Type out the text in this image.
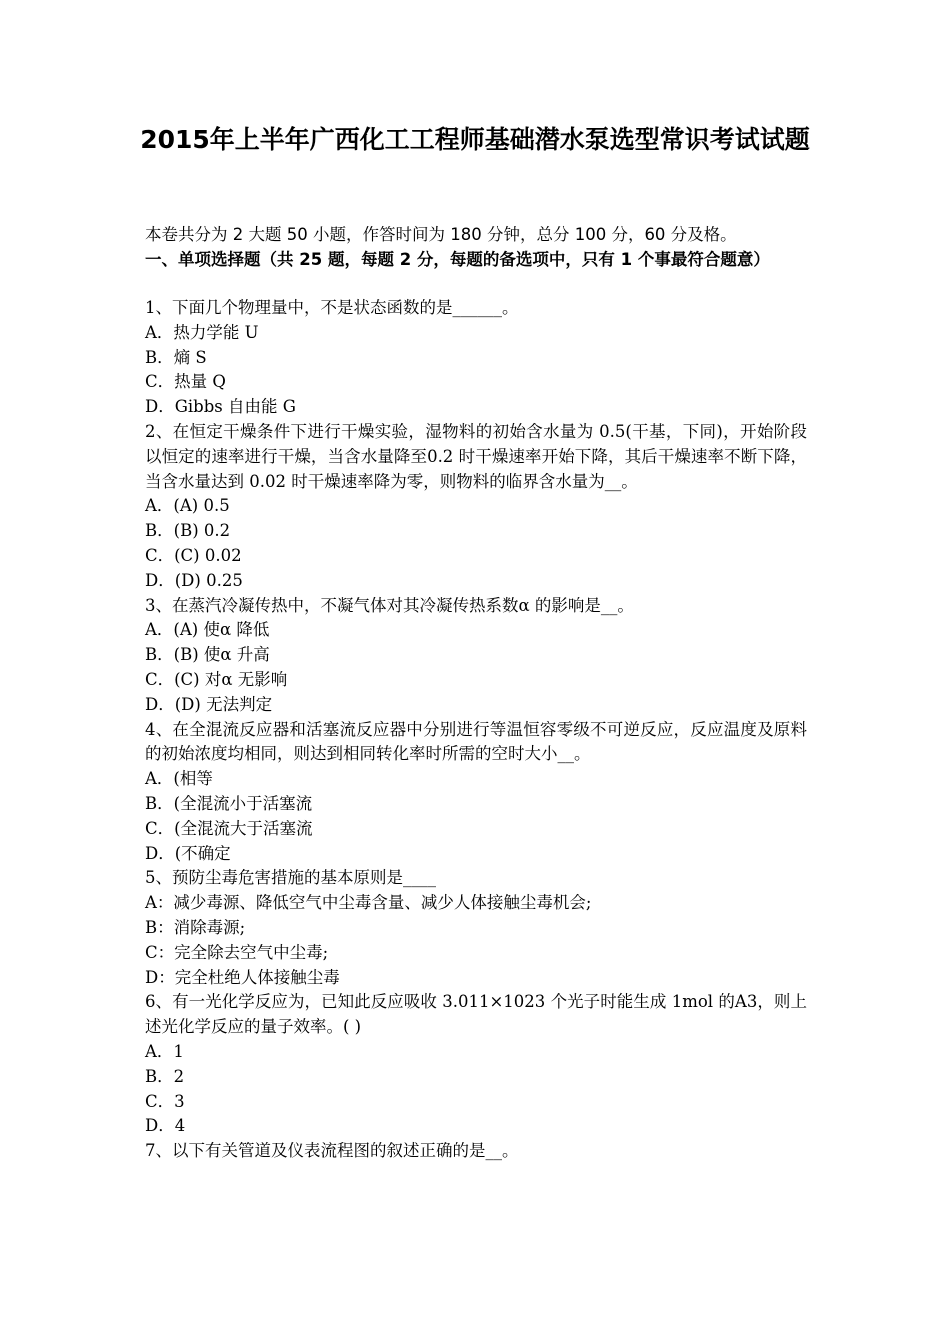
2015年上半年广西化工工程师基础潜水泵选型常识考试试题

本卷共分为 2 大题 50 小题，作答时间为 180 分钟，总分 100 分，60 分及格。

一、单项选择题（共 25 题，每题 2 分，每题的备选项中，只有 1 个事最符合题意）

1、下面几个物理量中，不是状态函数的是______。

A．热力学能 U

B．熵 S

C．热量 Q

D．Gibbs 自由能 G

2、在恒定干燥条件下进行干燥实验，湿物料的初始含水量为 0.5(干基，下同)，开始阶段以恒定的速率进行干燥，当含水量降至0.2 时干燥速率开始下降，其后干燥速率不断下降，当含水量达到 0.02 时干燥速率降为零，则物料的临界含水量为__。

A．(A) 0.5

B．(B) 0.2

C．(C) 0.02

D．(D) 0.25

3、在蒸汽冷凝传热中，不凝气体对其冷凝传热系数α 的影响是__。

A．(A) 使α 降低

B．(B) 使α 升高

C．(C) 对α 无影响

D．(D) 无法判定

4、在全混流反应器和活塞流反应器中分别进行等温恒容零级不可逆反应，反应温度及原料的初始浓度均相同，则达到相同转化率时所需的空时大小__。

A．(相等

B．(全混流小于活塞流

C．(全混流大于活塞流

D．(不确定

5、预防尘毒危害措施的基本原则是____

A：减少毒源、降低空气中尘毒含量、减少人体接触尘毒机会;

B：消除毒源;

C：完全除去空气中尘毒;

D：完全杜绝人体接触尘毒

6、有一光化学反应为，已知此反应吸收 3.011×1023 个光子时能生成 1mol 的A3，则上述光化学反应的量子效率。( )

A．1

B．2

C．3

D．4

7、以下有关管道及仪表流程图的叙述正确的是__。
